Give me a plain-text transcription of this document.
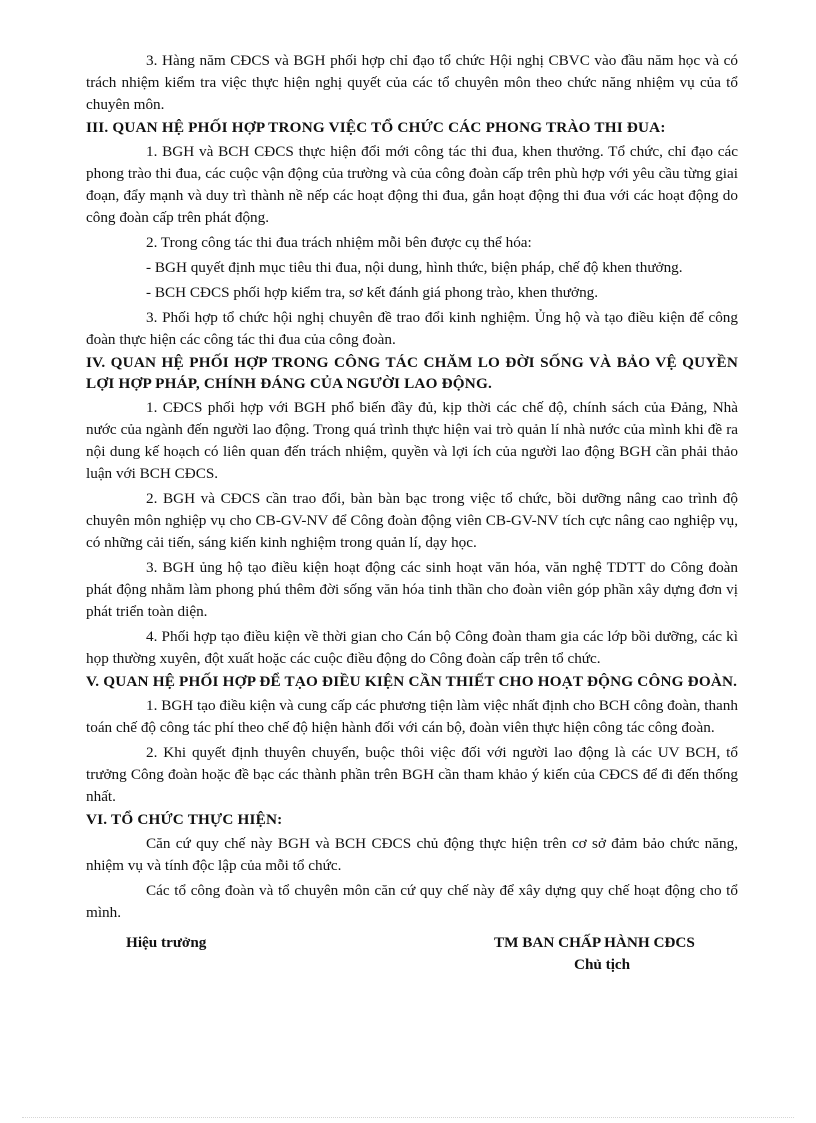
3. Hàng năm CĐCS và BGH phối hợp chỉ đạo tổ chức Hội nghị CBVC vào đầu năm học và có trách nhiệm kiểm tra việc thực hiện nghị quyết của các tổ chuyên môn theo chức năng nhiệm vụ của tổ chuyên môn.

III. QUAN HỆ PHỐI HỢP TRONG VIỆC TỔ CHỨC CÁC PHONG TRÀO THI ĐUA:

1. BGH và BCH CĐCS thực hiện đổi mới công tác thi đua, khen thưởng. Tổ chức, chỉ đạo các phong trào thi đua, các cuộc vận động của trường và của công đoàn cấp trên phù hợp với yêu cầu từng giai đoạn, đẩy mạnh và duy trì thành nề nếp các hoạt động thi đua, gắn hoạt động thi đua với các hoạt động do công đoàn cấp trên phát động.

2. Trong công tác thi đua trách nhiệm mỗi bên được cụ thể hóa:

- BGH quyết định mục tiêu thi đua, nội dung, hình thức, biện pháp, chế độ khen thưởng.

- BCH CĐCS phối hợp kiểm tra, sơ kết đánh giá phong trào, khen thưởng.

3. Phối hợp tổ chức hội nghị chuyên đề trao đổi kinh nghiệm. Ủng hộ và tạo điều kiện để công đoàn thực hiện các công tác thi đua của công đoàn.

IV. QUAN HỆ PHỐI HỢP TRONG CÔNG TÁC CHĂM LO ĐỜI SỐNG VÀ BẢO VỆ QUYỀN LỢI HỢP PHÁP, CHÍNH ĐÁNG CỦA NGƯỜI LAO ĐỘNG.

1. CĐCS phối hợp với BGH phổ biến đầy đủ, kịp thời các chế độ, chính sách của Đảng, Nhà nước của ngành đến người lao động. Trong quá trình thực hiện vai trò quản lí nhà nước của mình khi đề ra nội dung kế hoạch có liên quan đến trách nhiệm, quyền và lợi ích của người lao động BGH cần phải thảo luận với BCH CĐCS.

2. BGH và CĐCS cần trao đổi, bàn bàn bạc trong việc tổ chức, bồi dưỡng nâng cao trình độ chuyên môn nghiệp vụ cho CB-GV-NV để Công đoàn động viên CB-GV-NV tích cực nâng cao nghiệp vụ, có những cải tiến, sáng kiến kinh nghiệm trong quản lí, dạy học.

3. BGH ủng hộ tạo điều kiện hoạt động các sinh hoạt văn hóa, văn nghệ TDTT do Công đoàn phát động nhằm làm phong phú thêm đời sống văn hóa tinh thần cho đoàn viên góp phần xây dựng đơn vị phát triển toàn diện.

4. Phối hợp tạo điều kiện về thời gian cho Cán bộ Công đoàn tham gia các lớp bồi dưỡng, các kì họp thường xuyên, đột xuất hoặc các cuộc điều động do Công đoàn cấp trên tổ chức.

V. QUAN HỆ PHỐI HỢP ĐỂ TẠO ĐIỀU KIỆN CẦN THIẾT CHO HOẠT ĐỘNG CÔNG ĐOÀN.

1. BGH tạo điều kiện và cung cấp các phương tiện làm việc nhất định cho BCH công đoàn, thanh toán chế độ công tác phí theo chế độ hiện hành đối với cán bộ, đoàn viên thực hiện công tác công đoàn.

2. Khi quyết định thuyên chuyển, buộc thôi việc đối với người lao động là các UV BCH, tổ trưởng Công đoàn hoặc đề bạc các thành phần trên BGH cần tham khảo ý kiến của CĐCS để đi đến thống nhất.

VI. TỔ CHỨC THỰC HIỆN:

Căn cứ quy chế này BGH và BCH CĐCS chủ động thực hiện trên cơ sở đảm bảo chức năng, nhiệm vụ và tính độc lập của mỗi tổ chức.

Các tổ công đoàn và tổ chuyên môn căn cứ quy chế này để xây dựng quy chế hoạt động cho tổ mình.

Hiệu trưởng	TM BAN CHẤP HÀNH CĐCS
Chủ tịch
